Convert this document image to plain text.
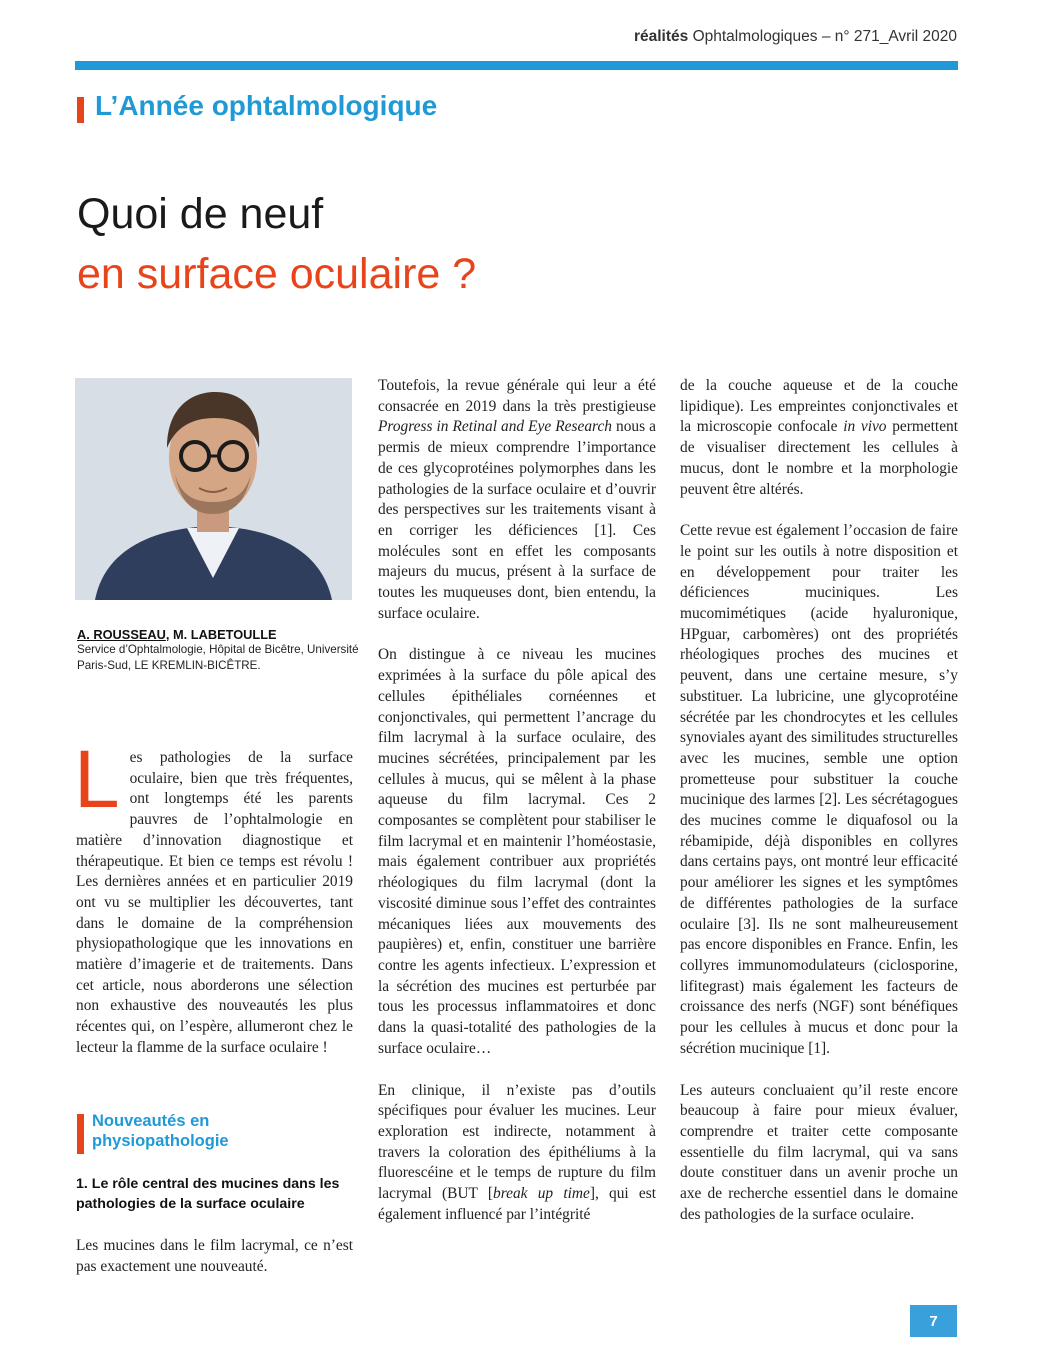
réalités Ophtalmologiques – n° 271_Avril 2020
L’Année ophtalmologique
Quoi de neuf
en surface oculaire ?
A. ROUSSEAU, M. LABETOULLE
Service d’Ophtalmologie, Hôpital de Bicêtre, Université Paris-Sud, LE KREMLIN-BICÊTRE.

Les pathologies de la surface oculaire, bien que très fréquentes, ont longtemps été les parents pauvres de l’ophtalmologie en matière d’innovation diagnostique et thérapeutique. Et bien ce temps est révolu ! Les dernières années et en particulier 2019 ont vu se multiplier les découvertes, tant dans le domaine de la compréhension physiopathologique que les innovations en matière d’imagerie et de traitements. Dans cet article, nous aborderons une sélection non exhaustive des nouveautés les plus récentes qui, on l’espère, allumeront chez le lecteur la flamme de la surface oculaire !

Nouveautés en physiopathologie
1. Le rôle central des mucines dans les pathologies de la surface oculaire

Les mucines dans le film lacrymal, ce n’est pas exactement une nouveauté.

Toutefois, la revue générale qui leur a été consacrée en 2019 dans la très prestigieuse Progress in Retinal and Eye Research nous a permis de mieux comprendre l’importance de ces glycoprotéines polymorphes dans les pathologies de la surface oculaire et d’ouvrir des perspectives sur les traitements visant à en corriger les déficiences [1]. Ces molécules sont en effet les composants majeurs du mucus, présent à la surface de toutes les muqueuses dont, bien entendu, la surface oculaire.

On distingue à ce niveau les mucines exprimées à la surface du pôle apical des cellules épithéliales cornéennes et conjonctivales, qui permettent l’ancrage du film lacrymal à la surface oculaire, des mucines sécrétées, principalement par les cellules à mucus, qui se mêlent à la phase aqueuse du film lacrymal. Ces 2 composantes se complètent pour stabiliser le film lacrymal et en maintenir l’homéostasie, mais également contribuer aux propriétés rhéologiques du film lacrymal (dont la viscosité diminue sous l’effet des contraintes mécaniques liées aux mouvements des paupières) et, enfin, constituer une barrière contre les agents infectieux. L’expression et la sécrétion des mucines est perturbée par tous les processus inflammatoires et donc dans la quasi-totalité des pathologies de la surface oculaire…

En clinique, il n’existe pas d’outils spécifiques pour évaluer les mucines. Leur exploration est indirecte, notamment à travers la coloration des épithéliums à la fluorescéine et le temps de rupture du film lacrymal (BUT [break up time], qui est également influencé par l’intégrité

de la couche aqueuse et de la couche lipidique). Les empreintes conjonctivales et la microscopie confocale in vivo permettent de visualiser directement les cellules à mucus, dont le nombre et la morphologie peuvent être altérés.

Cette revue est également l’occasion de faire le point sur les outils à notre disposition et en développement pour traiter les déficiences muciniques. Les mucomimétiques (acide hyaluronique, HPguar, carbomères) ont des propriétés rhéologiques proches des mucines et peuvent, dans une certaine mesure, s’y substituer. La lubricine, une glycoprotéine sécrétée par les chondrocytes et les cellules synoviales ayant des similitudes structurelles avec les mucines, semble une option prometteuse pour substituer la couche mucinique des larmes [2]. Les sécrétagogues des mucines comme le diquafosol ou la rébamipide, déjà disponibles en collyres dans certains pays, ont montré leur efficacité pour améliorer les signes et les symptômes de différentes pathologies de la surface oculaire [3]. Ils ne sont malheureusement pas encore disponibles en France. Enfin, les collyres immunomodulateurs (ciclosporine, lifitegrast) mais également les facteurs de croissance des nerfs (NGF) sont bénéfiques pour les cellules à mucus et donc pour la sécrétion mucinique [1].

Les auteurs concluaient qu’il reste encore beaucoup à faire pour mieux évaluer, comprendre et traiter cette composante essentielle du film lacrymal, qui va sans doute constituer dans un avenir proche un axe de recherche essentiel dans le domaine des pathologies de la surface oculaire.

7
